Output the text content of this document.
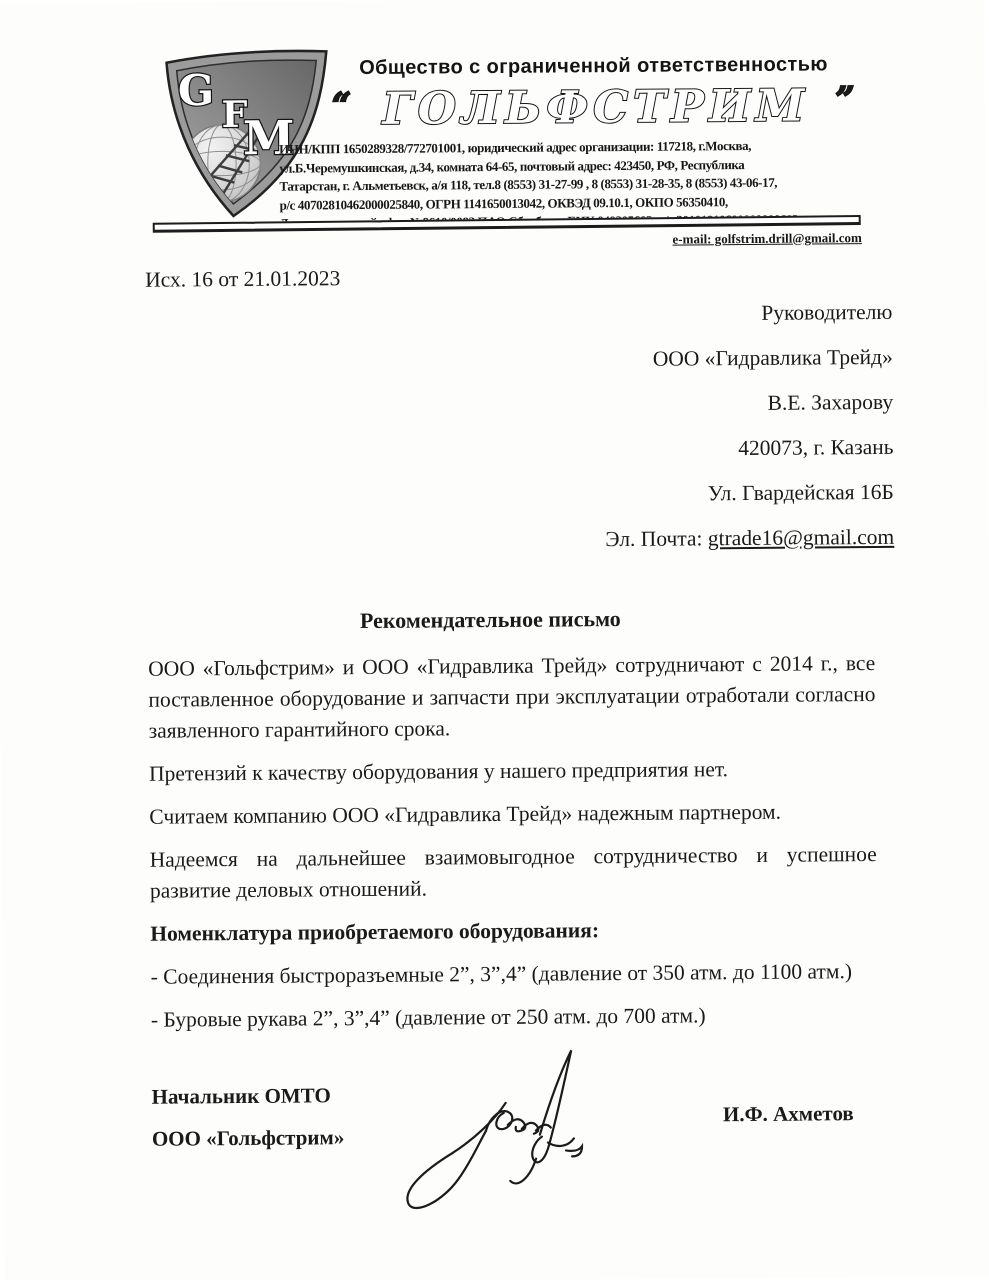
G F
M
Общество с ограниченной ответственностью
“ ГОЛЬФСТРИМ ”
ИНН/КПП 1650289328/772701001, юридический адрес организации: 117218, г.Москва,
ул.Б.Черемушкинская, д.34, комната 64-65, почтовый адрес: 423450, РФ, Республика
Татарстан, г. Альметьевск, а/я 118, тел.8 (8553) 31-27-99 , 8 (8553) 31-28-35, 8 (8553) 43-06-17,
р/с 40702810462000025840, ОГРН 1141650013042, ОКВЭД 09.10.1, ОКПО 56350410,
e-mail: golfstrim.drill@gmail.com
Исх. 16 от 21.01.2023
Руководителю
ООО «Гидравлика Трейд»
В.Е. Захарову
420073, г. Казань
Ул. Гвардейская 16Б
Эл. Почта: gtrade16@gmail.com
Рекомендательное письмо

ООО «Гольфстрим» и ООО «Гидравлика Трейд» сотрудничают с 2014 г., все поставленное оборудование и запчасти при эксплуатации отработали согласно заявленного гарантийного срока.

Претензий к качеству оборудования у нашего предприятия нет.

Считаем компанию ООО «Гидравлика Трейд» надежным партнером.

Надеемся на дальнейшее взаимовыгодное сотрудничество и успешное развитие деловых отношений.

Номенклатура приобретаемого оборудования:

- Соединения быстроразъемные 2”, 3”,4” (давление от 350 атм. до 1100 атм.)

- Буровые рукава 2”, 3”,4” (давление от 250 атм. до 700 атм.)

Начальник ОМТО
ООО «Гольфстрим»
И.Ф. Ахметов
